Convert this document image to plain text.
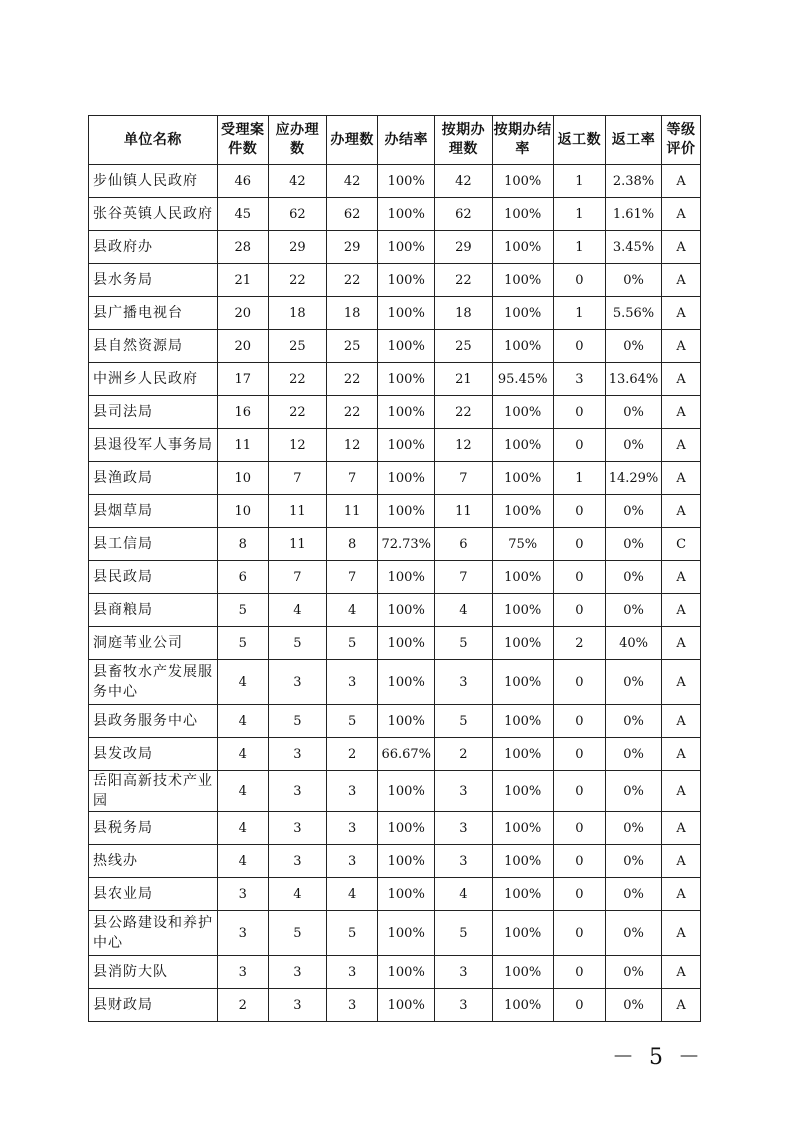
单位名称	受理案件数	应办理数	办理数	办结率	按期办理数	按期办结率	返工数	返工率	等级评价
步仙镇人民政府	46	42	42	100%	42	100%	1	2.38%	A
张谷英镇人民政府	45	62	62	100%	62	100%	1	1.61%	A
县政府办	28	29	29	100%	29	100%	1	3.45%	A
县水务局	21	22	22	100%	22	100%	0	0%	A
县广播电视台	20	18	18	100%	18	100%	1	5.56%	A
县自然资源局	20	25	25	100%	25	100%	0	0%	A
中洲乡人民政府	17	22	22	100%	21	95.45%	3	13.64%	A
县司法局	16	22	22	100%	22	100%	0	0%	A
县退役军人事务局	11	12	12	100%	12	100%	0	0%	A
县渔政局	10	7	7	100%	7	100%	1	14.29%	A
县烟草局	10	11	11	100%	11	100%	0	0%	A
县工信局	8	11	8	72.73%	6	75%	0	0%	C
县民政局	6	7	7	100%	7	100%	0	0%	A
县商粮局	5	4	4	100%	4	100%	0	0%	A
洞庭苇业公司	5	5	5	100%	5	100%	2	40%	A
县畜牧水产发展服务中心	4	3	3	100%	3	100%	0	0%	A
县政务服务中心	4	5	5	100%	5	100%	0	0%	A
县发改局	4	3	2	66.67%	2	100%	0	0%	A
岳阳高新技术产业园	4	3	3	100%	3	100%	0	0%	A
县税务局	4	3	3	100%	3	100%	0	0%	A
热线办	4	3	3	100%	3	100%	0	0%	A
县农业局	3	4	4	100%	4	100%	0	0%	A
县公路建设和养护中心	3	5	5	100%	5	100%	0	0%	A
县消防大队	3	3	3	100%	3	100%	0	0%	A
县财政局	2	3	3	100%	3	100%	0	0%	A
－ 5 －
